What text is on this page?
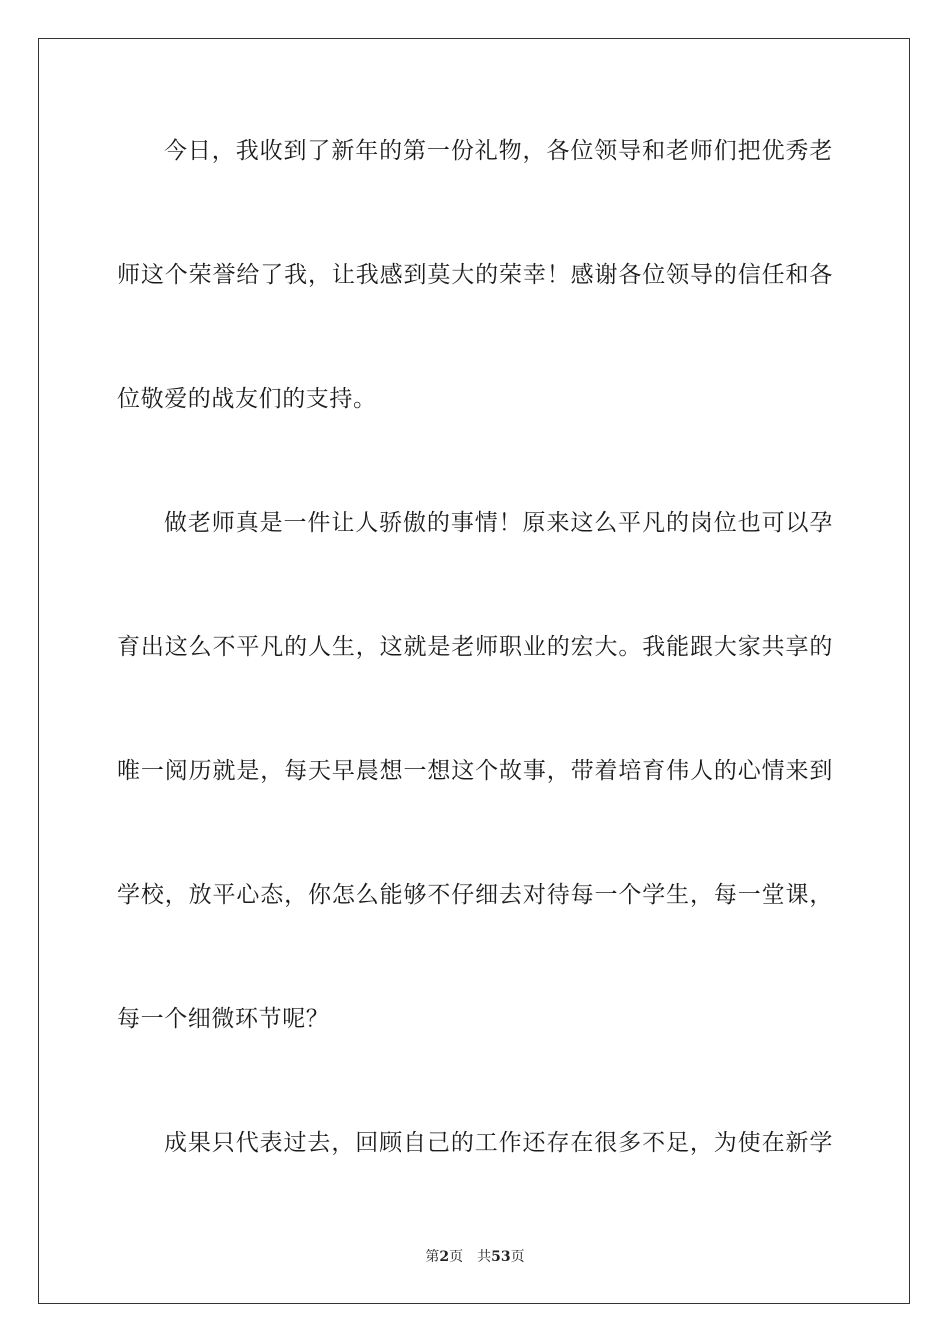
今日，我收到了新年的第一份礼物，各位领导和老师们把优秀老
师这个荣誉给了我，让我感到莫大的荣幸！感谢各位领导的信任和各
位敬爱的战友们的支持。
做老师真是一件让人骄傲的事情！原来这么平凡的岗位也可以孕
育出这么不平凡的人生，这就是老师职业的宏大。我能跟大家共享的
唯一阅历就是，每天早晨想一想这个故事，带着培育伟人的心情来到
学校，放平心态，你怎么能够不仔细去对待每一个学生，每一堂课，
每一个细微环节呢？
成果只代表过去，回顾自己的工作还存在很多不足，为使在新学
第2页 共53页
